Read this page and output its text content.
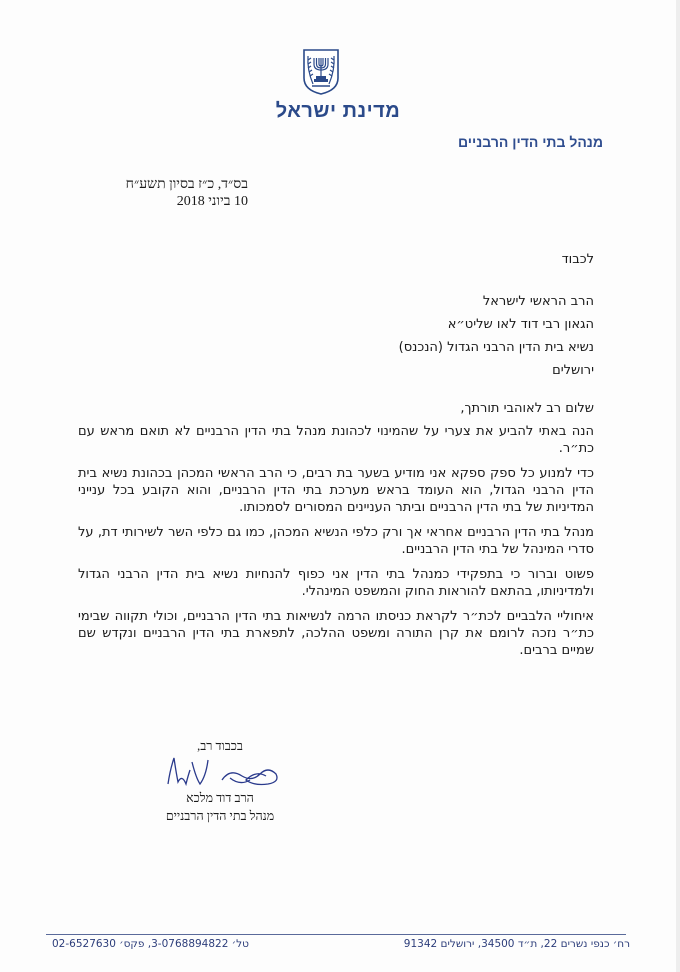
מדינת ישראל
מנהל בתי הדין הרבניים
בס״ד, כ״ז בסיון תשע״ח
10 ביוני 2018
לכבוד
הרב הראשי לישראל
הגאון רבי דוד לאו שליט״א
נשיא בית הדין הרבני הגדול (הנכנס)
ירושלים
שלום רב לאוהבי תורתך,

הנה באתי להביע את צערי על שהמינוי לכהונת מנהל בתי הדין הרבניים לא תואם מראש עם כת״ר.

כדי למנוע כל ספק ספקא אני מודיע בשער בת רבים, כי הרב הראשי המכהן בכהונת נשיא בית הדין הרבני הגדול, הוא העומד בראש מערכת בתי הדין הרבניים, והוא הקובע בכל ענייני המדיניות של בתי הדין הרבניים וביתר העניינים המסורים לסמכותו.

מנהל בתי הדין הרבניים אחראי אך ורק כלפי הנשיא המכהן, כמו גם כלפי השר לשירותי דת, על סדרי המינהל של בתי הדין הרבניים.

פשוט וברור כי בתפקידי כמנהל בתי הדין אני כפוף להנחיות נשיא בית הדין הרבני הגדול ולמדיניותו, בהתאם להוראות החוק והמשפט המינהלי.

איחוליי הלבביים לכת״ר לקראת כניסתו הרמה לנשיאות בתי הדין הרבניים, וכולי תקווה שבימי כת״ר נזכה לרומם את קרן התורה ומשפט ההלכה, לתפארת בתי הדין הרבניים ונקדש שם שמיים ברבים.

בכבוד רב,
הרב דוד מלכא
מנהל בתי הדין הרבניים
רח׳ כנפי נשרים 22, ת״ד 34500, ירושלים 91342
טל׳ 3-0768894822, פקס׳ 02-6527630
